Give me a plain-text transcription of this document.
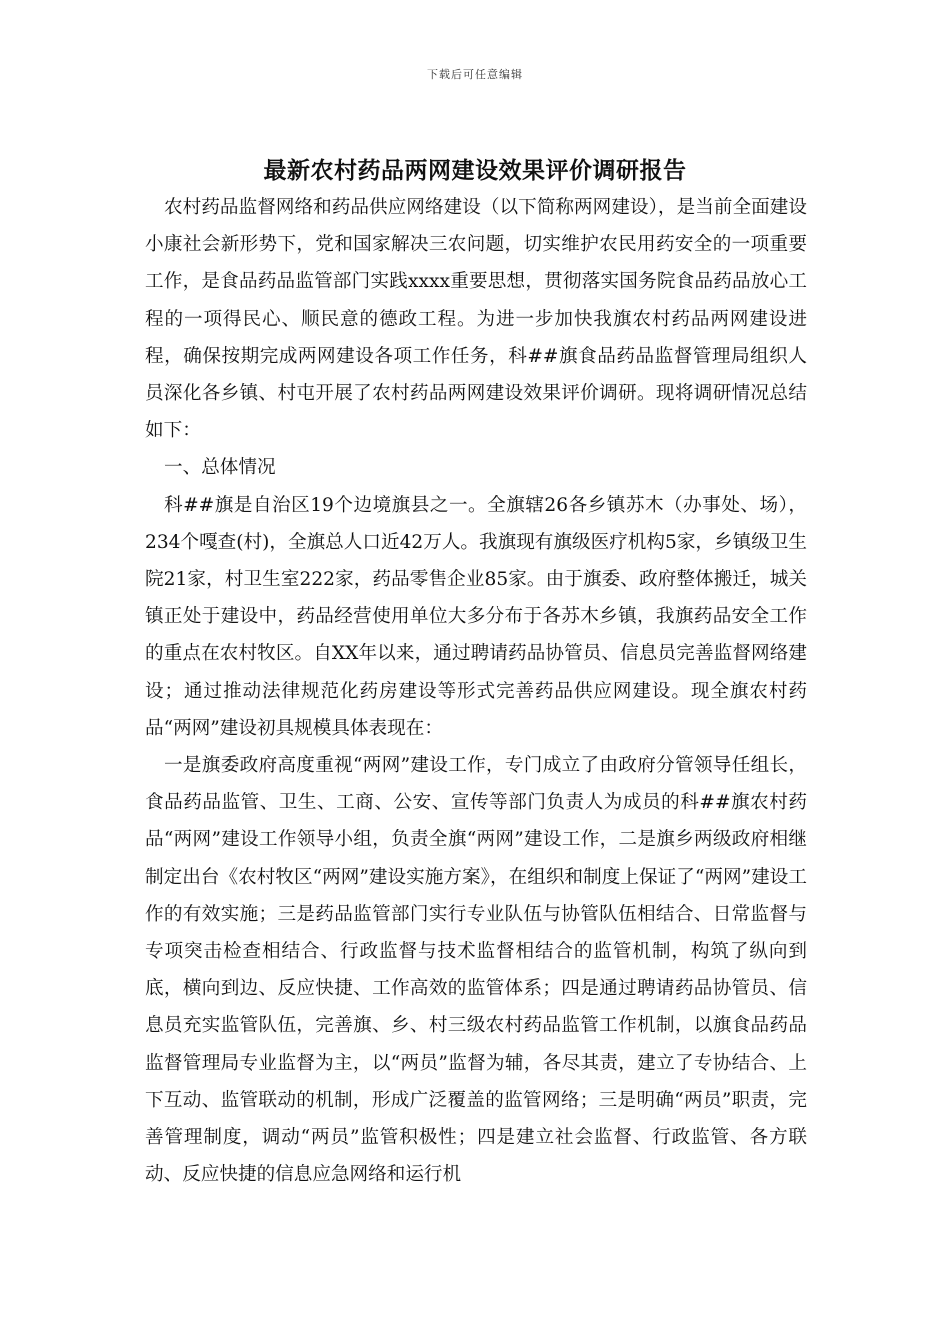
下载后可任意编辑
最新农村药品两网建设效果评价调研报告

农村药品监督网络和药品供应网络建设（以下简称两网建设），是当前全面建设小康社会新形势下，党和国家解决三农问题，切实维护农民用药安全的一项重要工作，是食品药品监管部门实践xxxx重要思想，贯彻落实国务院食品药品放心工程的一项得民心、顺民意的德政工程。为进一步加快我旗农村药品两网建设进程，确保按期完成两网建设各项工作任务，科##旗食品药品监督管理局组织人员深化各乡镇、村屯开展了农村药品两网建设效果评价调研。现将调研情况总结如下：

一、总体情况

科##旗是自治区19个边境旗县之一。全旗辖26各乡镇苏木（办事处、场），234个嘎查(村)，全旗总人口近42万人。我旗现有旗级医疗机构5家，乡镇级卫生院21家，村卫生室222家，药品零售企业85家。由于旗委、政府整体搬迁，城关镇正处于建设中，药品经营使用单位大多分布于各苏木乡镇，我旗药品安全工作的重点在农村牧区。自XX年以来，通过聘请药品协管员、信息员完善监督网络建设；通过推动法律规范化药房建设等形式完善药品供应网建设。现全旗农村药品“两网”建设初具规模具体表现在：

一是旗委政府高度重视“两网”建设工作，专门成立了由政府分管领导任组长，食品药品监管、卫生、工商、公安、宣传等部门负责人为成员的科##旗农村药品“两网”建设工作领导小组，负责全旗“两网”建设工作，二是旗乡两级政府相继制定出台《农村牧区“两网”建设实施方案》，在组织和制度上保证了“两网”建设工作的有效实施；三是药品监管部门实行专业队伍与协管队伍相结合、日常监督与专项突击检查相结合、行政监督与技术监督相结合的监管机制，构筑了纵向到底，横向到边、反应快捷、工作高效的监管体系；四是通过聘请药品协管员、信息员充实监管队伍，完善旗、乡、村三级农村药品监管工作机制，以旗食品药品监督管理局专业监督为主，以“两员”监督为辅，各尽其责，建立了专协结合、上下互动、监管联动的机制，形成广泛覆盖的监管网络；三是明确“两员”职责，完善管理制度，调动“两员”监管积极性；四是建立社会监督、行政监管、各方联动、反应快捷的信息应急网络和运行机
